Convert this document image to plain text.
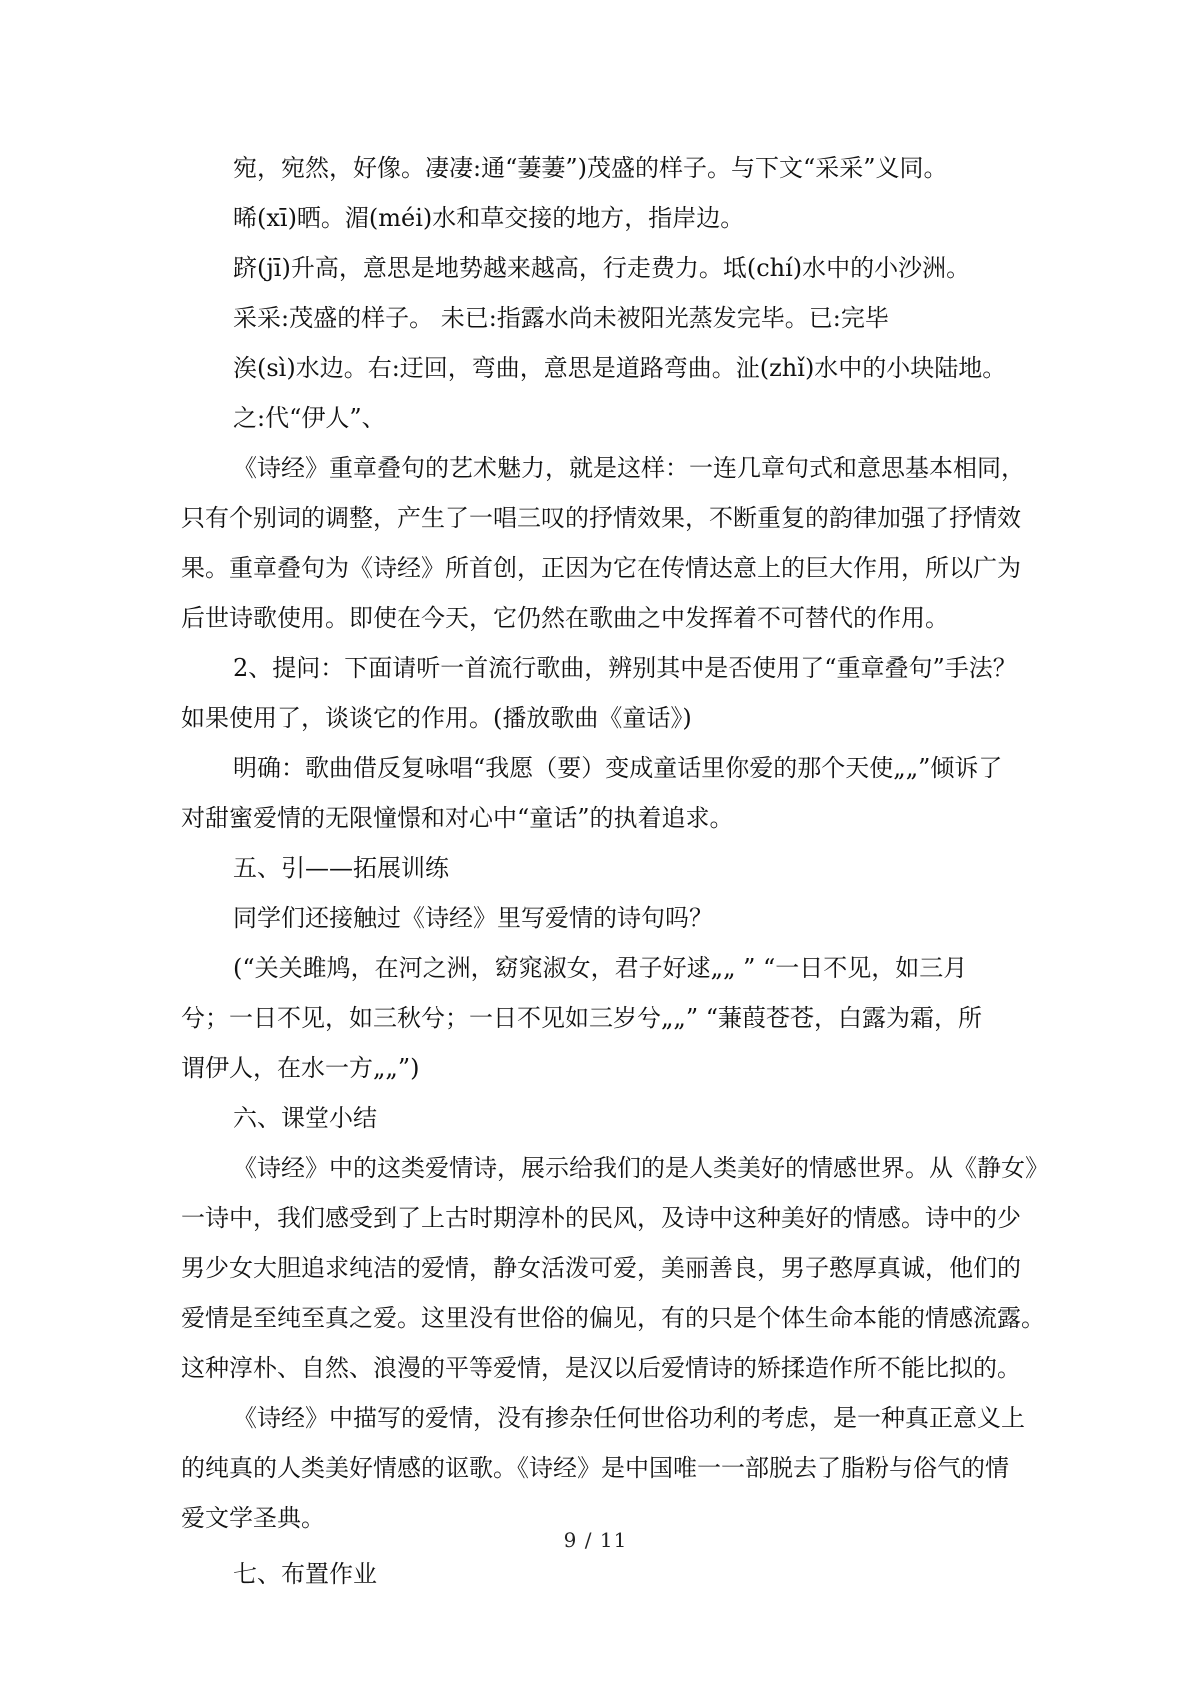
宛，宛然，好像。凄凄:通“萋萋”)茂盛的样子。与下文“采采”义同。

晞(xī)晒。湄(méi)水和草交接的地方，指岸边。

跻(jī)升高，意思是地势越来越高，行走费力。坻(chí)水中的小沙洲。

采采:茂盛的样子。 未已:指露水尚未被阳光蒸发完毕。已:完毕

涘(sì)水边。右:迂回，弯曲，意思是道路弯曲。沚(zhǐ)水中的小块陆地。

之:代“伊人”、

《诗经》重章叠句的艺术魅力，就是这样：一连几章句式和意思基本相同，

只有个别词的调整，产生了一唱三叹的抒情效果，不断重复的韵律加强了抒情效

果。重章叠句为《诗经》所首创，正因为它在传情达意上的巨大作用，所以广为

后世诗歌使用。即使在今天，它仍然在歌曲之中发挥着不可替代的作用。

2、提问：下面请听一首流行歌曲，辨别其中是否使用了“重章叠句”手法？

如果使用了，谈谈它的作用。(播放歌曲《童话》)

明确：歌曲借反复咏唱“我愿（要）变成童话里你爱的那个天使„„”倾诉了

对甜蜜爱情的无限憧憬和对心中“童话”的执着追求。

五、引——拓展训练

同学们还接触过《诗经》里写爱情的诗句吗？

(“关关雎鸠，在河之洲，窈窕淑女，君子好逑„„ ” “一日不见，如三月

兮；一日不见，如三秋兮；一日不见如三岁兮„„” “蒹葭苍苍，白露为霜，所

谓伊人，在水一方„„”)

六、课堂小结

《诗经》中的这类爱情诗，展示给我们的是人类美好的情感世界。从《静女》

一诗中，我们感受到了上古时期淳朴的民风，及诗中这种美好的情感。诗中的少

男少女大胆追求纯洁的爱情，静女活泼可爱，美丽善良，男子憨厚真诚，他们的

爱情是至纯至真之爱。这里没有世俗的偏见，有的只是个体生命本能的情感流露。

这种淳朴、自然、浪漫的平等爱情，是汉以后爱情诗的矫揉造作所不能比拟的。

《诗经》中描写的爱情，没有掺杂任何世俗功利的考虑，是一种真正意义上

的纯真的人类美好情感的讴歌。《诗经》是中国唯一一部脱去了脂粉与俗气的情

爱文学圣典。

七、布置作业

9 / 11
